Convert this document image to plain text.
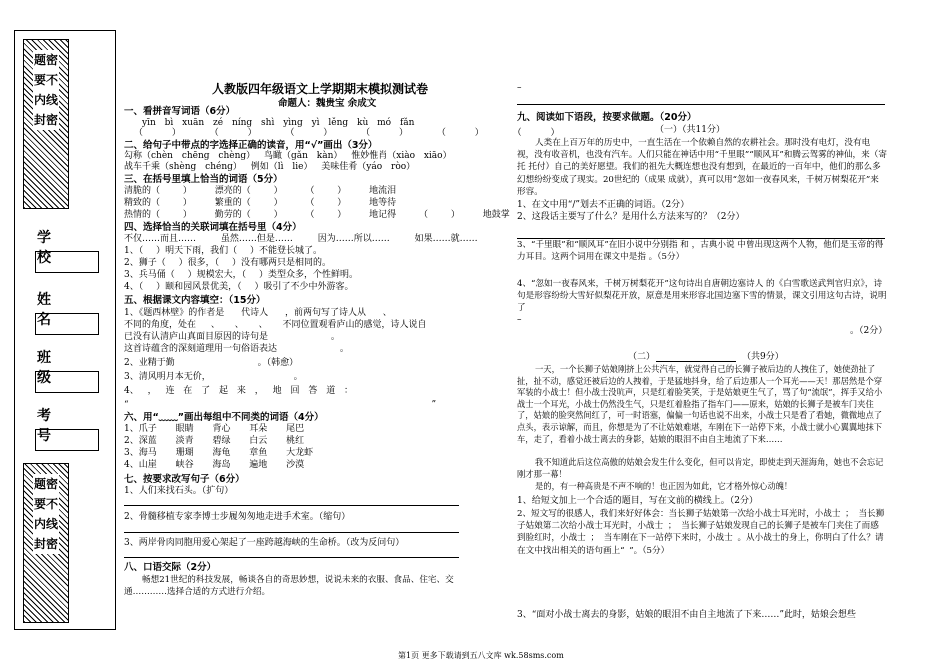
题密要不内线封密
学 校
姓 名
班 级
考 号
题密要不内线封密
人教版四年级语文上学期期末模拟测试卷
命题人：魏贵宝 余成文
一、看拼音写词语（6分）
yīn bì xuān zé níng shì yìng yì lěng kù mó fǎn
（ ） （ ） （ ） （ ） （ ） （ ）
二、给句子中带点的字选择正确的读音，用“√”画出（3分）
勾称（chèn chēng chèng） 鸟瞰（gǎn kàn） 惟妙惟肖（xiào xiāo）
战车千乘（shèng chéng） 例如（lì lie） 美味佳肴（yáo ròo）
三、在括号里填上恰当的词语（5分）
清脆的（ ） 漂亮的（ ） （ ） 地流泪
精致的（ ） 繁重的（ ） （ ） 地等待
热情的（ ） 勤劳的（ ） （ ） 地记得 （ ） 地鼓掌
四、选择恰当的关联词填在括号里（4分）
不仅……而且…… 虽然……但是…… 因为……所以…… 如果……就……
1、（ ）明天下雨，我们（ ）不能登长城了。
2、狮子（ ）很多，（ ）没有哪两只是相同的。
3、兵马俑（ ）规模宏大，（ ）类型众多，个性鲜明。
4、（ ）颐和园风景优美，（ ）吸引了不少中外游客。
五、根据课文内容填空：（15分）
1、《题西林壁》的作者是 代诗人 ，前两句写了诗人从 、
不同的角度，处在 、 、 、 不同位置观看庐山的感觉，诗人说自
已没有认清庐山真面目原因的诗句是 。
这首诗蕴含的深刻道理用一句俗语表达 。
2、业精于勤 。（韩愈）
3、清风明月本无价， 。
4、 ， 连 在 了 起 来 ， 地 回 答 道 ：
“ ”
六、用“﹏﹏”画出每组中不同类的词语（4分）
1、爪子 眼睛 背心 耳朵 尾巴
2、深蓝 淡青 碧绿 白云 桃红
3、海马 珊瑚 海龟 章鱼 大龙虾
4、山崖 峡谷 海岛 遍地 沙漠
七、按要求改写句子（6分）
1、人们来找石头。（扩句）
2、骨髓移植专家李博士步履匆匆地走进手术室。（缩句）
3、两岸骨肉同胞用爱心架起了一座跨越海峡的生命桥。（改为反问句）
八、口语交际（2分）
畅想21世纪的科技发展，畅谈各自的奇思妙想，说说未来的衣服、食品、住宅、交通…………选择合适的方式进行介绍。
–
九、阅读如下语段，按要求做题。（20分）
（一）（共11分）
人类在上百万年的历史中，一直生活在一个依赖自然的农耕社会。那时没有电灯，没有电视，没有收音机，也没有汽车。人们只能在神话中用“千里眼”“顺风耳”和腾云驾雾的神仙，来（寄托 托付）自己的美好愿望。我们的祖先大概连想也没有想到，在最近的一百年中，他们的那么多幻想纷纷变成了现实。20世纪的（成果 成就），真可以用“忽如一夜春风来，千树万树梨花开”来形容。
1、在文中用“/”划去不正确的词语。（2分）
2、这段话主要写了什么？是用什么方法来写的？（2分）
3、“千里眼”和“顺风耳”在旧小说中分别指 和 ，古典小说 中曾出现这两个人物，他们是玉帝的得力耳目。这两个词用在课文中是指 。（5分）
4、“忽如一夜春风来，千树万树梨花开”这句诗出自唐朝边塞诗人 的《白雪歌送武判官归京》，诗句是形容纷纷大雪好似梨花开放，原意是用来形容北国边塞下雪的情景，课文引用这句古诗，说明了
–
。（2分）
（二）	（共9分）
一天，一个长狮子姑娘刚挤上公共汽车，就觉得自己的长狮子被后边的人拽住了，她使劲扯了扯，扯不动，感觉还被后边的人拽着，于是猛地抖身，给了后边那人一个耳光——天！那居然是个穿军装的小战士！但小战士没吭声，只是红着脸笑笑，于是姑娘更生气了，骂了句“流氓”，挥手又给小战士一个耳光，小战士仍然没生气，只是红着脸指了指车门——原来，姑娘的长狮子是被车门夹住了，姑娘的脸突然间红了，可一时语塞，偏偏一句话也说不出来，小战士只是看了看她，微微地点了点头，表示谅解，而且，你想是为了不让姑娘难堪，车刚在下一站停下来，小战士就小心翼翼地抹下车，走了，看着小战士离去的身影，姑娘的眼泪不由自主地流了下来……
我不知道此后这位高傲的姑娘会发生什么变化，但可以肯定，即使走到天涯海角，她也不会忘记刚才那一幕！
是的，有一种高贵是不声不响的！也正因为如此，它才格外惊心动魄！
1、给短文加上一个合适的题目，写在文前的横线上。（2分）
2、短文写的很感人，我们来好好体会：当长狮子姑娘第一次给小战士耳光时，小战士 ； 当长狮子姑娘第二次给小战士耳光时，小战士 ； 当长狮子姑娘发现自己的长狮子是被车门夹住了而感到脸红时，小战士 ； 当车刚在下一站停下来时，小战士 。从小战士的身上，你明白了什么？请在文中找出相关的语句画上“ ”。（5分）
3、“面对小战士离去的身影，姑娘的眼泪不由自主地流了下来……”此时，姑娘会想些
第1页 更多下载请到五八文库 wk.58sms.com
